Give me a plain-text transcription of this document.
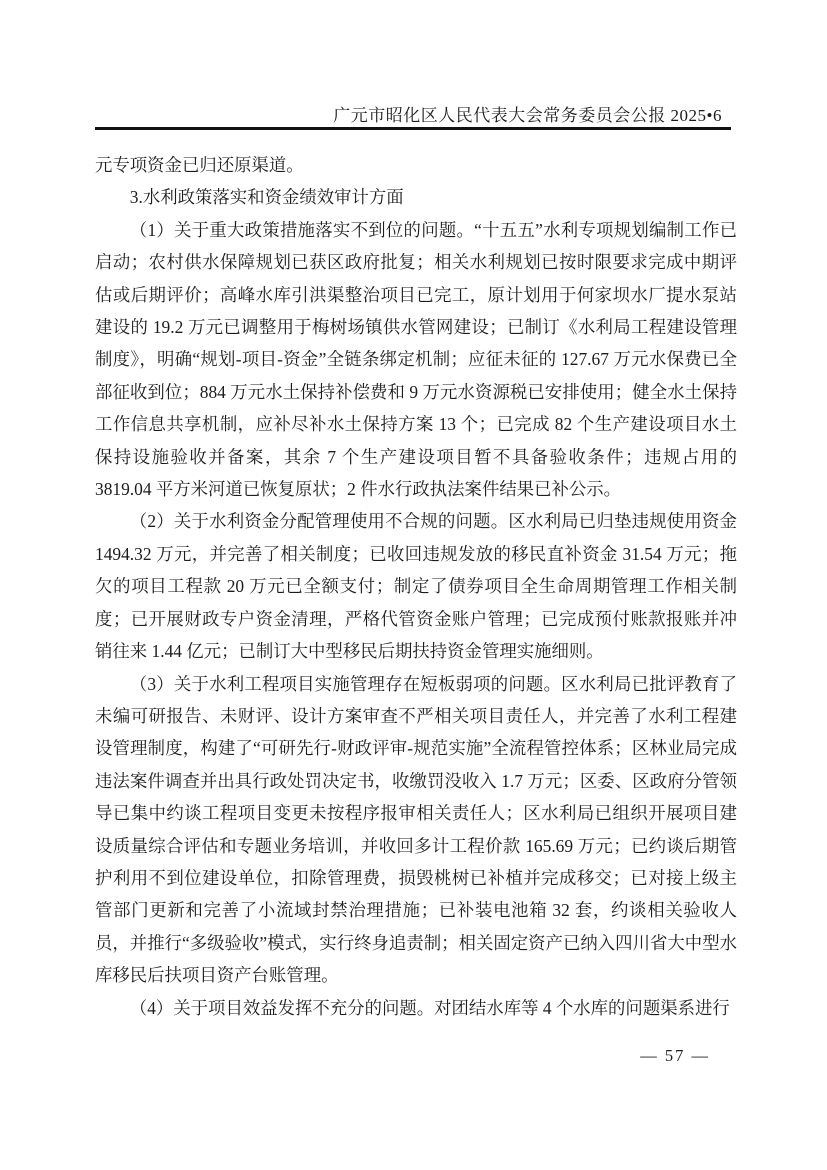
广元市昭化区人民代表大会常务委员会公报 2025•6

元专项资金已归还原渠道。

3.水利政策落实和资金绩效审计方面

（1）关于重大政策措施落实不到位的问题。“十五五”水利专项规划编制工作已启动；农村供水保障规划已获区政府批复；相关水利规划已按时限要求完成中期评估或后期评价；高峰水库引洪渠整治项目已完工，原计划用于何家坝水厂提水泵站建设的 19.2 万元已调整用于梅树场镇供水管网建设；已制订《水利局工程建设管理制度》，明确“规划-项目-资金”全链条绑定机制；应征未征的 127.67 万元水保费已全部征收到位；884 万元水土保持补偿费和 9 万元水资源税已安排使用；健全水土保持工作信息共享机制，应补尽补水土保持方案 13 个；已完成 82 个生产建设项目水土保持设施验收并备案，其余 7 个生产建设项目暂不具备验收条件；违规占用的 3819.04 平方米河道已恢复原状；2 件水行政执法案件结果已补公示。

（2）关于水利资金分配管理使用不合规的问题。区水利局已归垫违规使用资金 1494.32 万元，并完善了相关制度；已收回违规发放的移民直补资金 31.54 万元；拖欠的项目工程款 20 万元已全额支付；制定了债券项目全生命周期管理工作相关制度；已开展财政专户资金清理，严格代管资金账户管理；已完成预付账款报账并冲销往来 1.44 亿元；已制订大中型移民后期扶持资金管理实施细则。

（3）关于水利工程项目实施管理存在短板弱项的问题。区水利局已批评教育了未编可研报告、未财评、设计方案审查不严相关项目责任人，并完善了水利工程建设管理制度，构建了“可研先行-财政评审-规范实施”全流程管控体系；区林业局完成违法案件调查并出具行政处罚决定书，收缴罚没收入 1.7 万元；区委、区政府分管领导已集中约谈工程项目变更未按程序报审相关责任人；区水利局已组织开展项目建设质量综合评估和专题业务培训，并收回多计工程价款 165.69 万元；已约谈后期管护利用不到位建设单位，扣除管理费，损毁桃树已补植并完成移交；已对接上级主管部门更新和完善了小流域封禁治理措施；已补装电池箱 32 套，约谈相关验收人员，并推行“多级验收”模式，实行终身追责制；相关固定资产已纳入四川省大中型水库移民后扶项目资产台账管理。

（4）关于项目效益发挥不充分的问题。对团结水库等 4 个水库的问题渠系进行

— 57 —
